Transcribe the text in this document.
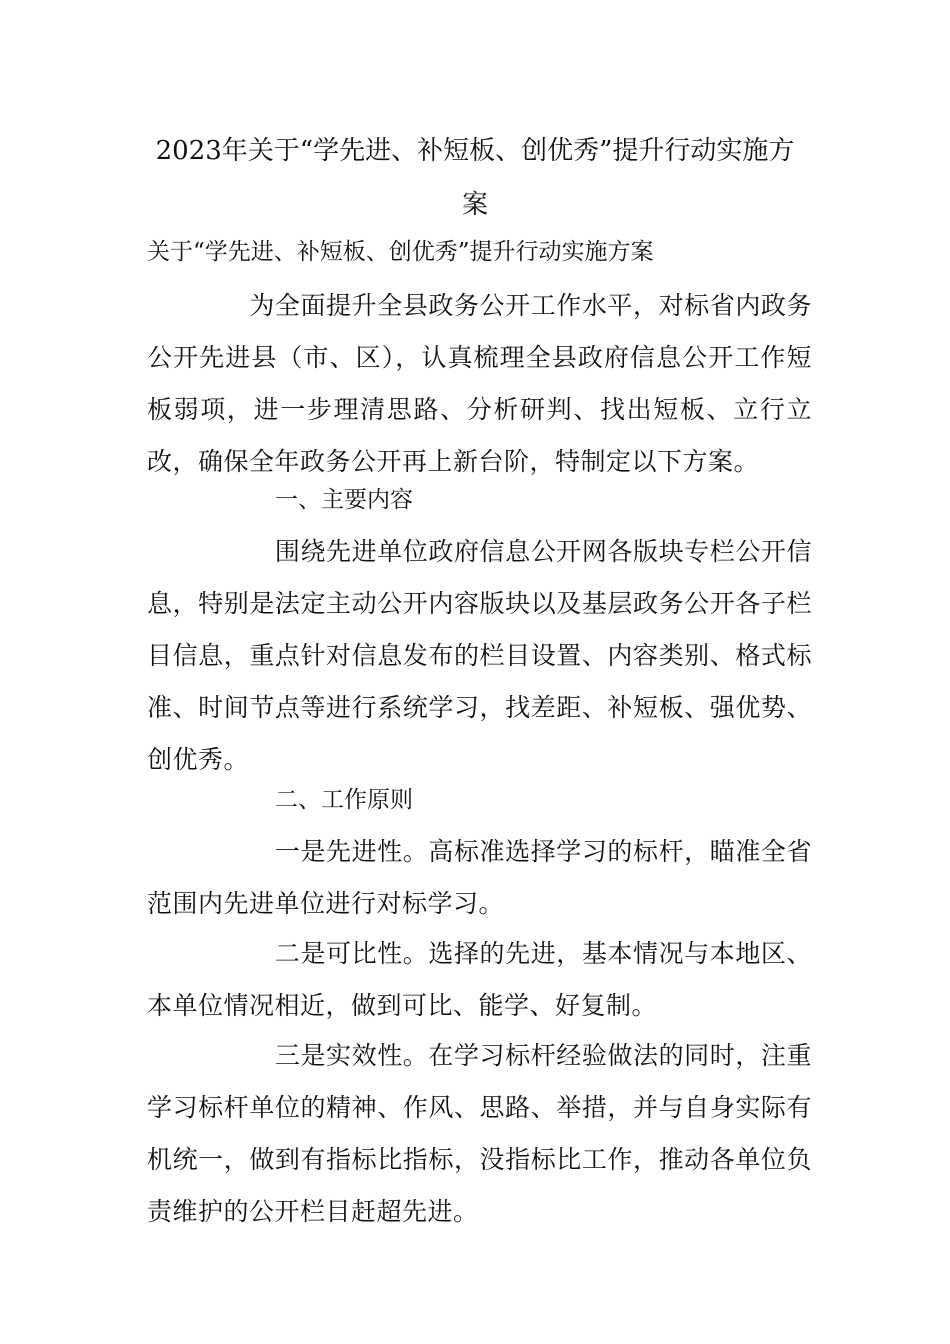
2023年关于“学先进、补短板、创优秀”提升行动实施方
案

关于“学先进、补短板、创优秀”提升行动实施方案

　　　　为全面提升全县政务公开工作水平，对标省内政务公开先进县（市、区），认真梳理全县政府信息公开工作短板弱项，进一步理清思路、分析研判、找出短板、立行立改，确保全年政务公开再上新台阶，特制定以下方案。

一、主要内容

　　　　　围绕先进单位政府信息公开网各版块专栏公开信息，特别是法定主动公开内容版块以及基层政务公开各子栏目信息，重点针对信息发布的栏目设置、内容类别、格式标准、时间节点等进行系统学习，找差距、补短板、强优势、创优秀。

二、工作原则

　　　　　一是先进性。高标准选择学习的标杆，瞄准全省范围内先进单位进行对标学习。

　　　　　二是可比性。选择的先进，基本情况与本地区、本单位情况相近，做到可比、能学、好复制。

　　　　　三是实效性。在学习标杆经验做法的同时，注重学习标杆单位的精神、作风、思路、举措，并与自身实际有机统一，做到有指标比指标，没指标比工作，推动各单位负责维护的公开栏目赶超先进。
